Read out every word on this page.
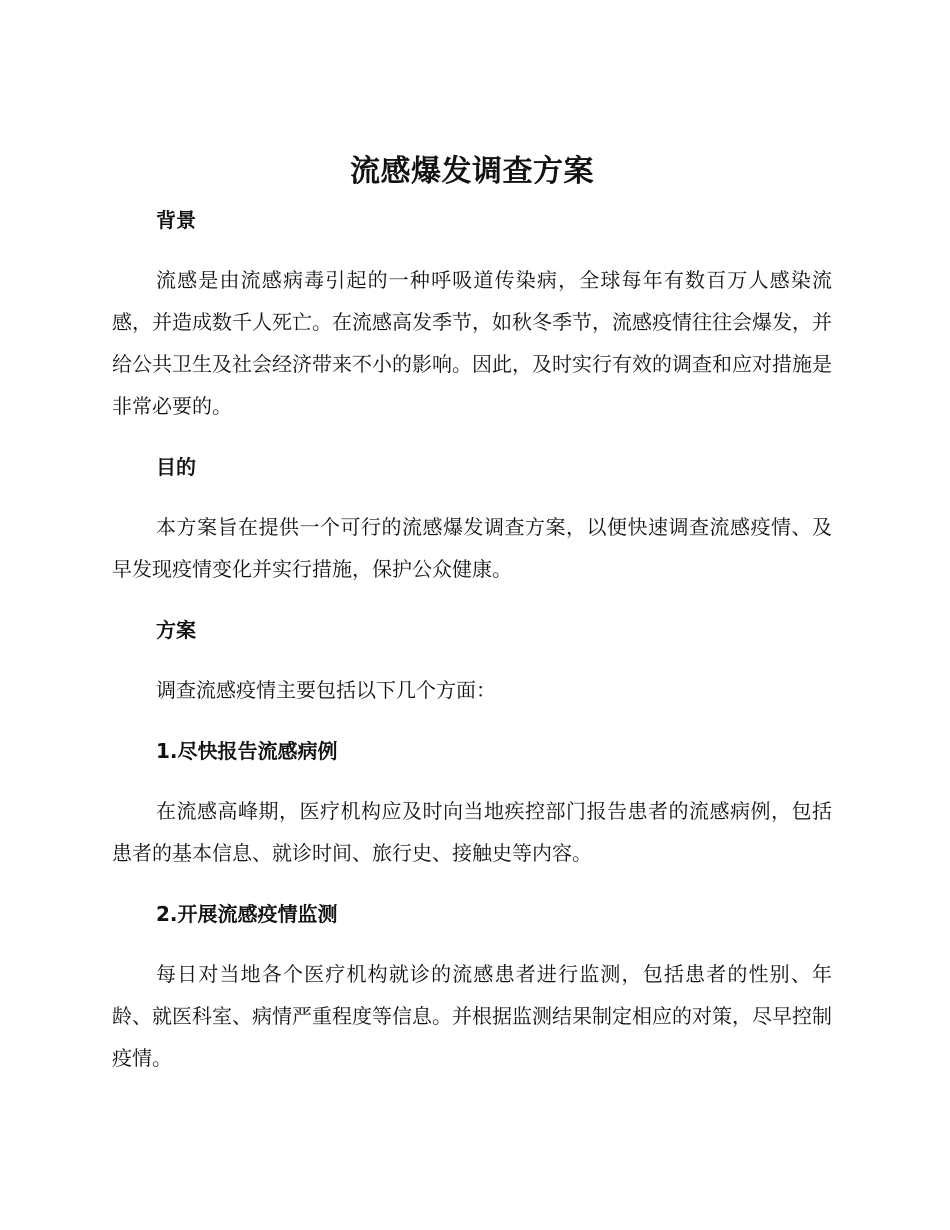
流感爆发调查方案
背景

流感是由流感病毒引起的一种呼吸道传染病，全球每年有数百万人感染流感，并造成数千人死亡。在流感高发季节，如秋冬季节，流感疫情往往会爆发，并给公共卫生及社会经济带来不小的影响。因此，及时实行有效的调查和应对措施是非常必要的。

目的

本方案旨在提供一个可行的流感爆发调查方案，以便快速调查流感疫情、及早发现疫情变化并实行措施，保护公众健康。

方案

调查流感疫情主要包括以下几个方面：

1.尽快报告流感病例

在流感高峰期，医疗机构应及时向当地疾控部门报告患者的流感病例，包括患者的基本信息、就诊时间、旅行史、接触史等内容。

2.开展流感疫情监测

每日对当地各个医疗机构就诊的流感患者进行监测，包括患者的性别、年龄、就医科室、病情严重程度等信息。并根据监测结果制定相应的对策，尽早控制疫情。
